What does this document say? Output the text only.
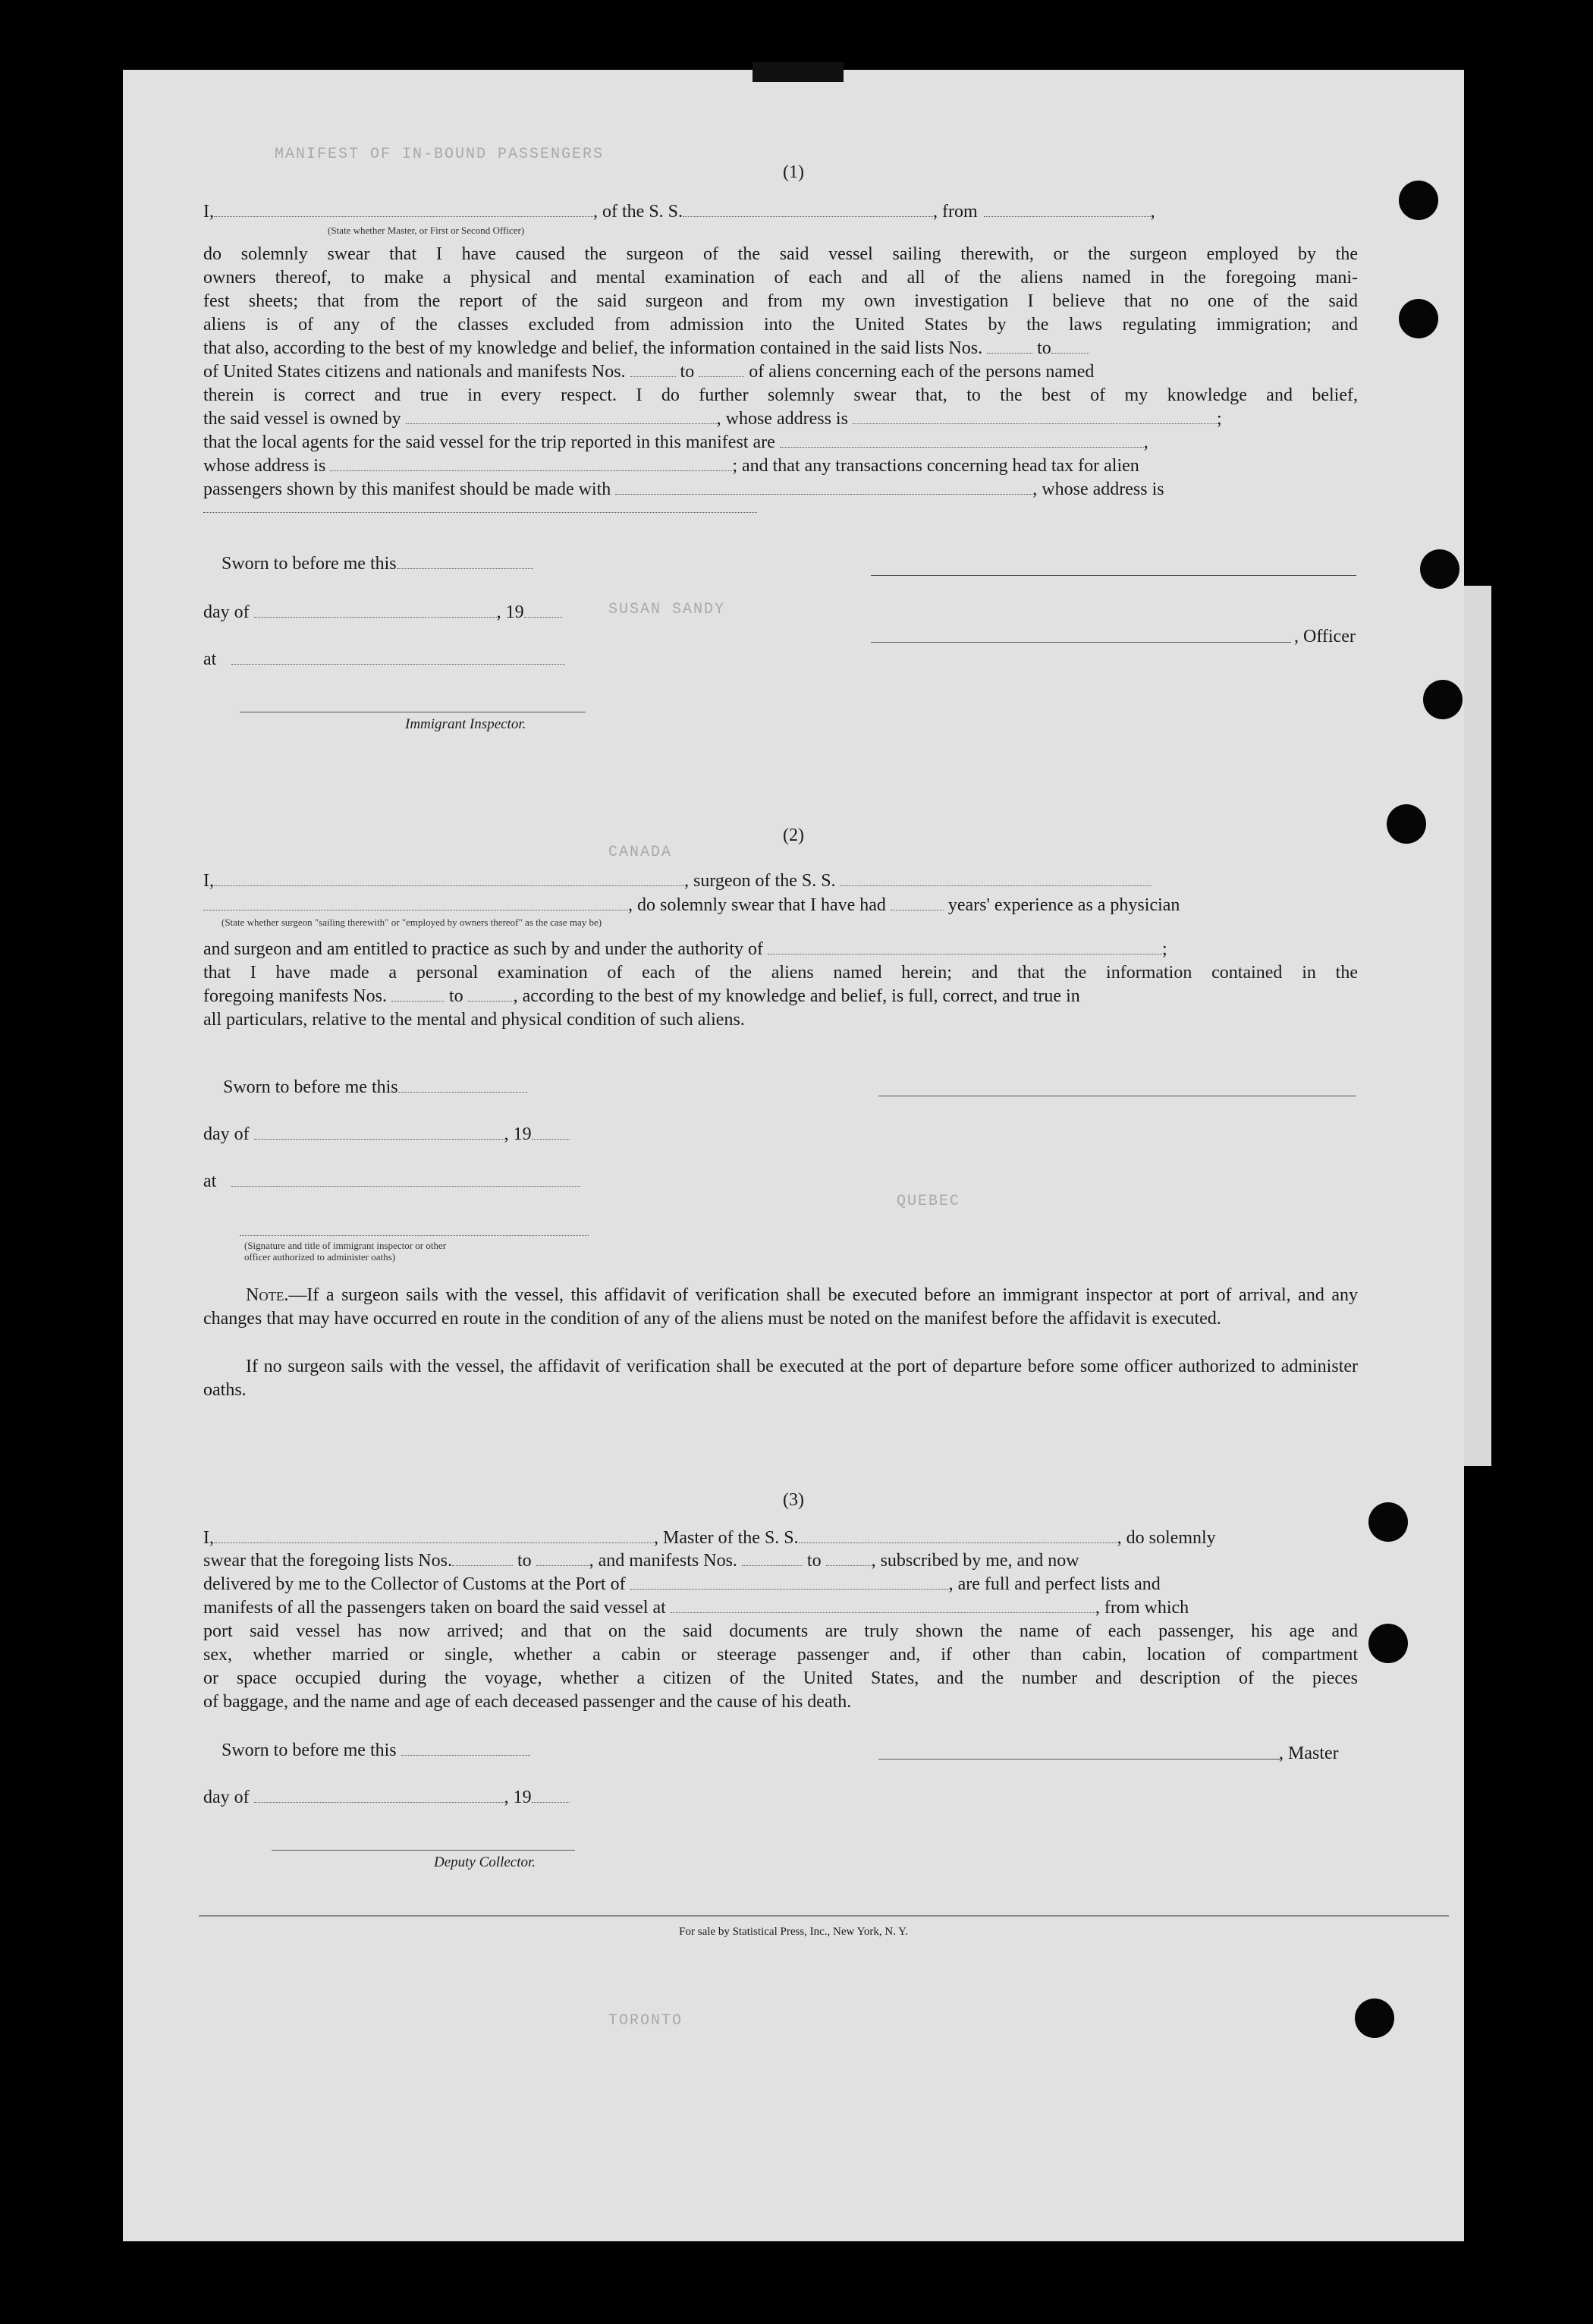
MANIFEST OF IN-BOUND PASSENGERS
SUSAN SANDY
CANADA
QUEBEC
TORONTO
(1)
I,	, of the S. S.	, from	,
(State whether Master, or First or Second Officer)
do solemnly swear that I have caused the surgeon of the said vessel sailing therewith, or the surgeon employed by the
owners thereof, to make a physical and mental examination of each and all of the aliens named in the foregoing mani-
fest sheets; that from the report of the said surgeon and from my own investigation I believe that no one of the said
aliens is of any of the classes excluded from admission into the United States by the laws regulating immigration; and
that also, according to the best of my knowledge and belief, the information contained in the said lists Nos.	to
of United States citizens and nationals and manifests Nos.	to	of aliens concerning each of the persons named
therein is correct and true in every respect. I do further solemnly swear that, to the best of my knowledge and belief,
the said vessel is owned by	, whose address is	;
that the local agents for the said vessel for the trip reported in this manifest are	,
whose address is	; and that any transactions concerning head tax for alien
passengers shown by this manifest should be made with	, whose address is
Sworn to before me this
day of	, 19
, Officer
at
Immigrant Inspector.
(2)
I,	, surgeon of the S. S.
, do solemnly swear that I have had	years' experience as a physician
(State whether surgeon "sailing therewith" or "employed by owners thereof" as the case may be)
and surgeon and am entitled to practice as such by and under the authority of	;
that I have made a personal examination of each of the aliens named herein; and that the information contained in the
foregoing manifests Nos.	to	, according to the best of my knowledge and belief, is full, correct, and true in
all particulars, relative to the mental and physical condition of such aliens.
Sworn to before me this
day of	, 19
at
(Signature and title of immigrant inspector or other officer authorized to administer oaths)
Note.—If a surgeon sails with the vessel, this affidavit of verification shall be executed before an immigrant inspector at port of arrival, and any changes that may have occurred en route in the condition of any of the aliens must be noted on the manifest before the affidavit is executed.
If no surgeon sails with the vessel, the affidavit of verification shall be executed at the port of departure before some officer authorized to administer oaths.
(3)
I,	, Master of the S. S.	, do solemnly
swear that the foregoing lists Nos.	to	, and manifests Nos.	to	, subscribed by me, and now
delivered by me to the Collector of Customs at the Port of	, are full and perfect lists and
manifests of all the passengers taken on board the said vessel at	, from which
port said vessel has now arrived; and that on the said documents are truly shown the name of each passenger, his age and
sex, whether married or single, whether a cabin or steerage passenger and, if other than cabin, location of compartment
or space occupied during the voyage, whether a citizen of the United States, and the number and description of the pieces
of baggage, and the name and age of each deceased passenger and the cause of his death.
Sworn to before me this	, Master
day of	, 19
Deputy Collector.
For sale by Statistical Press, Inc., New York, N. Y.
